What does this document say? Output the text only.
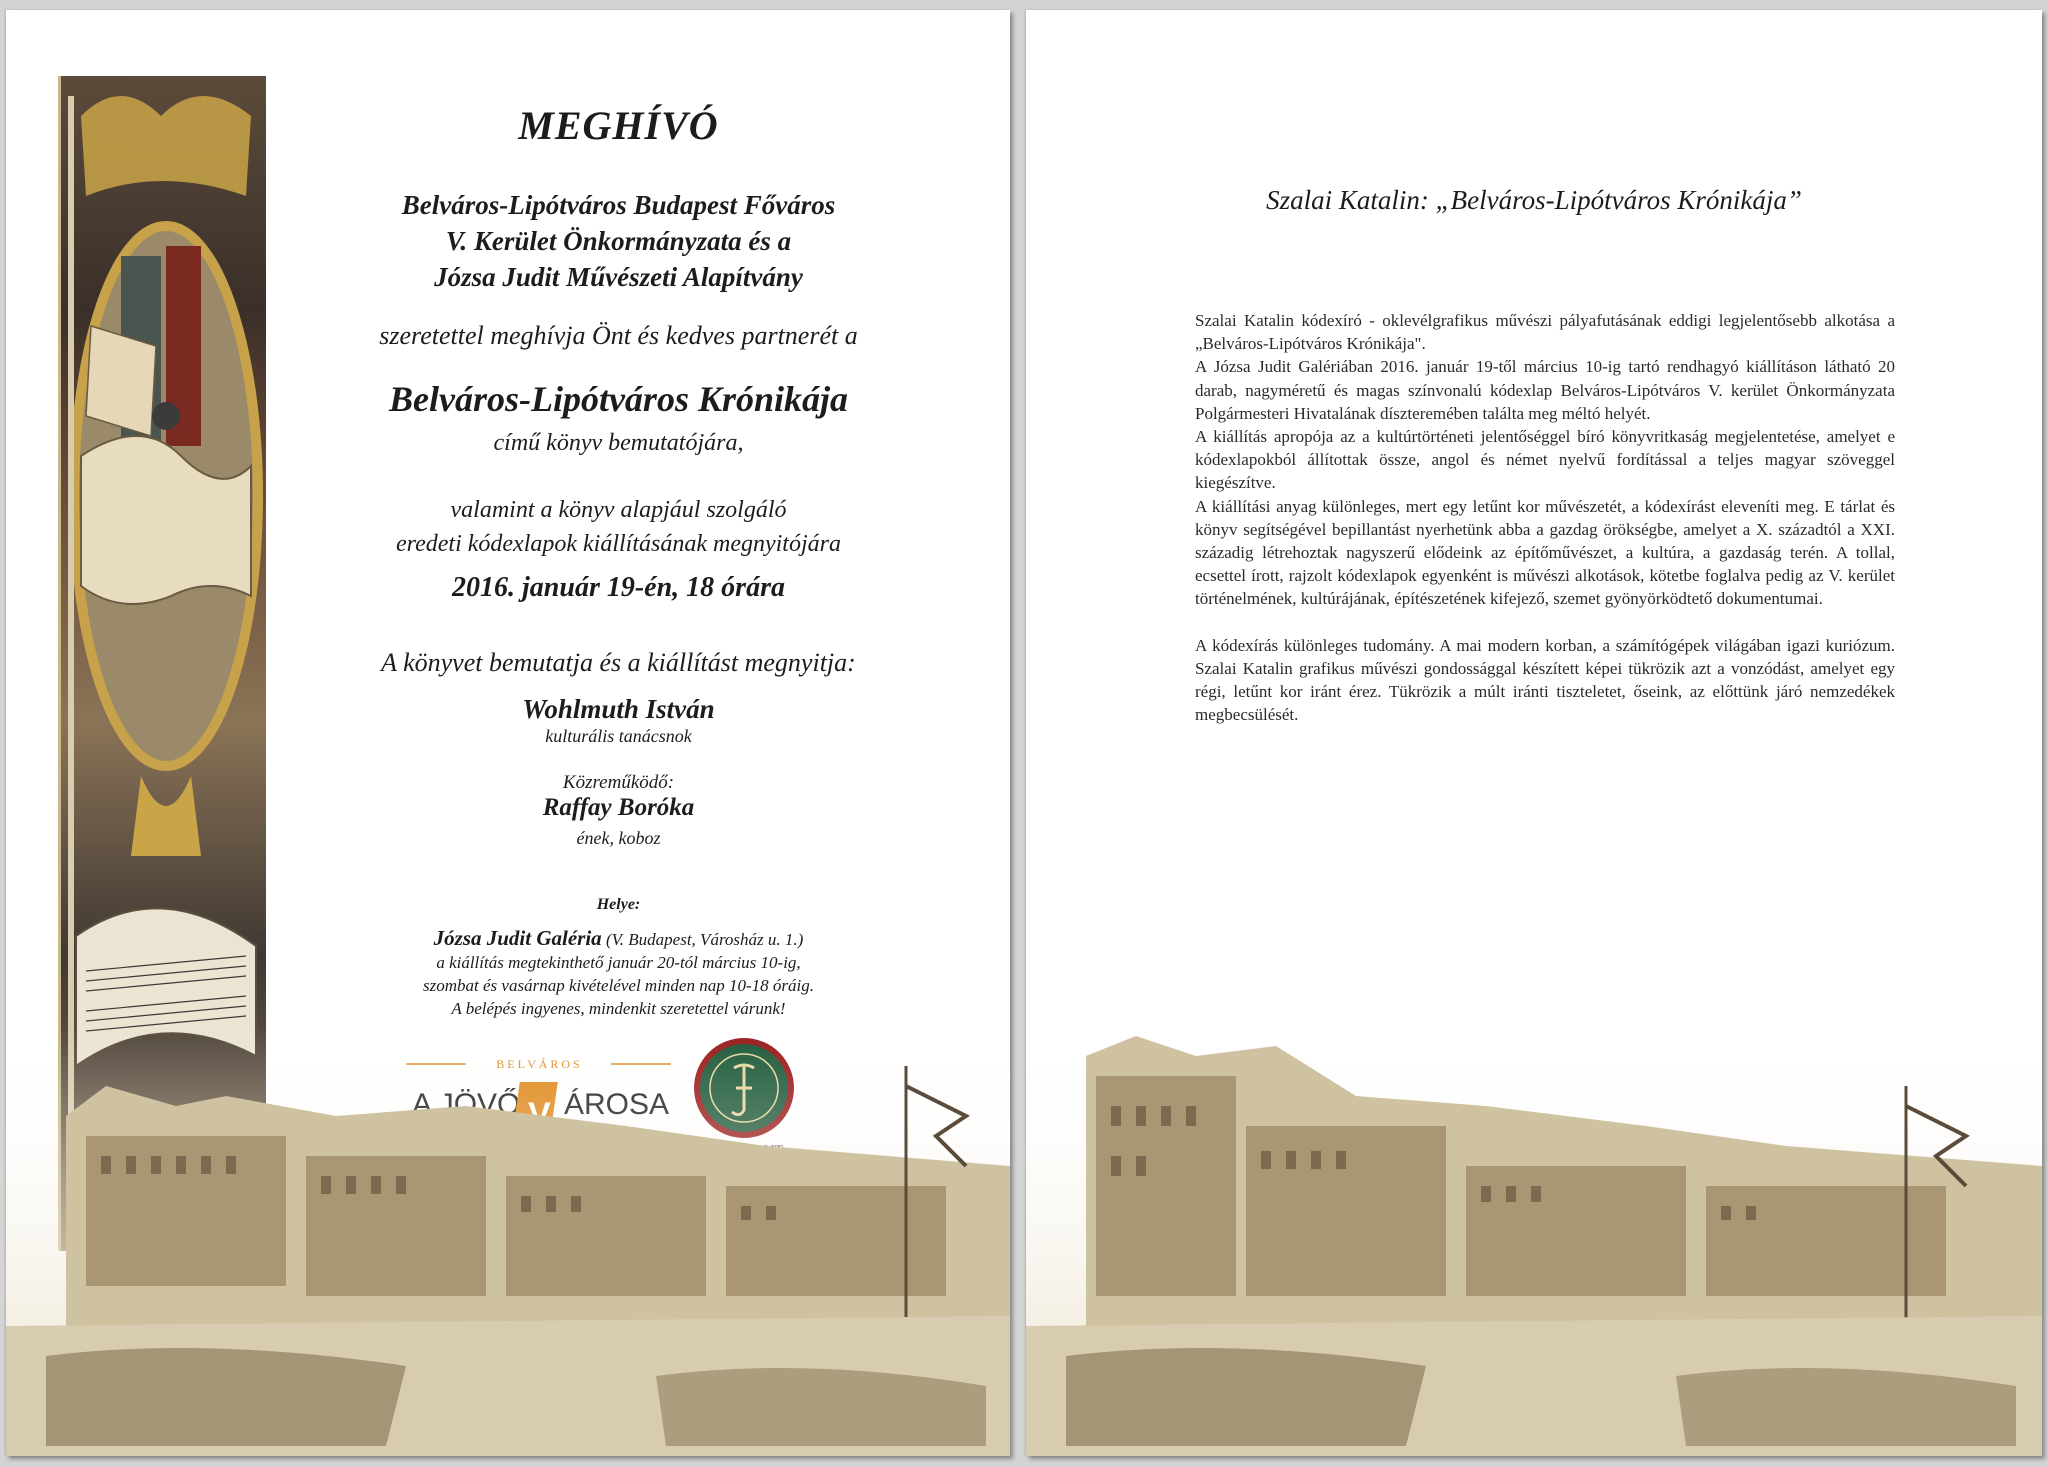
MEGHÍVÓ
Belváros-Lipótváros Budapest Főváros
V. Kerület Önkormányzata és a
Józsa Judit Művészeti Alapítvány
szeretettel meghívja Önt és kedves partnerét a
Belváros-Lipótváros Krónikája
című könyv bemutatójára,
valamint a könyv alapjául szolgáló
eredeti kódexlapok kiállításának megnyitójára
2016. január 19-én, 18 órára
A könyvet bemutatja és a kiállítást megnyitja:
Wohlmuth István
kulturális tanácsnok
Közreműködő:
Raffay Boróka
ének, koboz
Helye:
Józsa Judit Galéria (V. Budapest, Városház u. 1.)
a kiállítás megtekinthető január 20-tól március 10-ig,
szombat és vasárnap kivételével minden nap 10-18 óráig.
A belépés ingyenes, mindenkit szeretettel várunk!
Szalai Katalin: „Belváros-Lipótváros Krónikája”

Szalai Katalin kódexíró - oklevélgrafikus művészi pályafutásának eddigi legjelentősebb alkotása a „Belváros-Lipótváros Krónikája".

A Józsa Judit Galériában 2016. január 19-től március 10-ig tartó rendhagyó kiállításon látható 20 darab, nagyméretű és magas színvonalú kódexlap Belváros-Lipótváros V. kerület Önkormányzata Polgármesteri Hivatalának díszteremében találta meg méltó helyét.

A kiállítás apropója az a kultúrtörténeti jelentőséggel bíró könyvritkaság megjelentetése, amelyet e kódexlapokból állítottak össze, angol és német nyelvű fordítással a teljes magyar szöveggel kiegészítve.

A kiállítási anyag különleges, mert egy letűnt kor művészetét, a kódexírást eleveníti meg. E tárlat és könyv segítségével bepillantást nyerhetünk abba a gazdag örökségbe, amelyet a X. századtól a XXI. századig létrehoztak nagyszerű elődeink az építőművészet, a kultúra, a gazdaság terén. A tollal, ecsettel írott, rajzolt kódexlapok egyenként is művészi alkotások, kötetbe foglalva pedig az V. kerület történelmének, kultúrájának, építészetének kifejező, szemet gyönyörködtető dokumentumai.

A kódexírás különleges tudomány. A mai modern korban, a számítógépek világában igazi kuriózum. Szalai Katalin grafikus művészi gondossággal készített képei tükrözik azt a vonzódást, amelyet egy régi, letűnt kor iránt érez. Tükrözik a múlt iránti tiszteletet, őseink, az előttünk járó nemzedékek megbecsülését.
